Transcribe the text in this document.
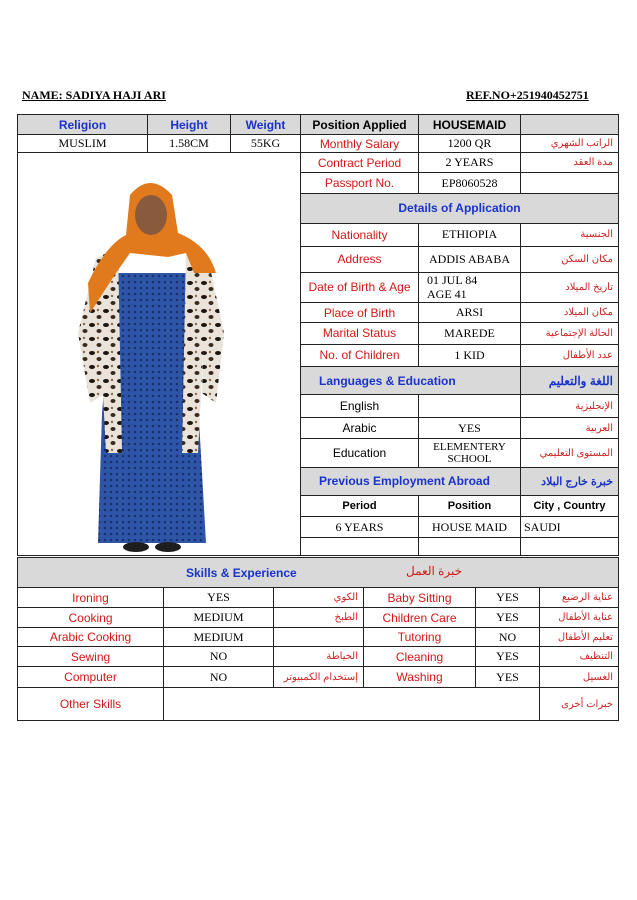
NAME: SADIYA HAJI ARI	REF.NO+251940452751
Religion	Height	Weight	Position Applied	HOUSEMAID	
MUSLIM	1.58CM	55KG	Monthly Salary	1200 QR	الراتب الشهري

	Contract Period	2 YEARS	مدة العقد
			Passport No.	EP8060528	
			Details of Application		
			Nationality	ETHIOPIA	الجنسية
			Address	ADDIS ABABA	مكان السكن
			Date of Birth & Age	01 JUL 84
AGE 41	تاريخ الميلاد
			Place of Birth	ARSI	مكان الميلاد
			Marital Status	MAREDE	الحالة الإجتماعية
			No. of Children	1 KID	عدد الأطفال
			Languages & Education		اللغة والتعليم
			English		الإنجليزية
			Arabic	YES	العربية
			Education	ELEMENTERY SCHOOL	المستوى التعليمي
			Previous Employment Abroad		خبرة خارج البلاد
			Period	Position	City , Country
			6 YEARS	HOUSE MAID	SAUDI

Skills & Experience خبرة العمل					

Ironing	YES	الكوي	Baby Sitting	YES	عناية الرضيع
Cooking	MEDIUM	الطبخ	Children Care	YES	عناية الأطفال
Arabic Cooking	MEDIUM		Tutoring	NO	تعليم الأطفال
Sewing	NO	الخياطة	Cleaning	YES	التنظيف
Computer	NO	إستخدام الكمبيوتر	Washing	YES	الغسيل
Other Skills					خبرات أخرى
